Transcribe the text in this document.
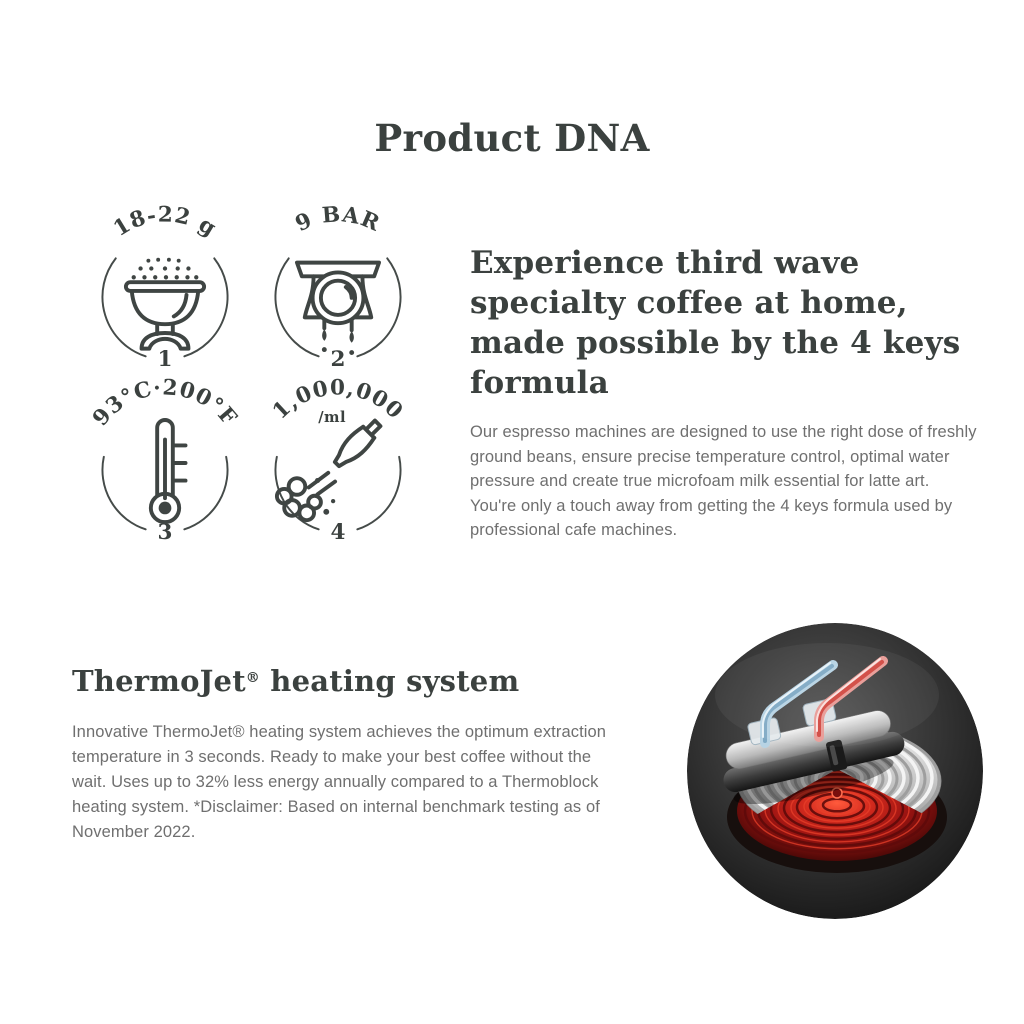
Product DNA
18-22 g
1
9 BAR
2
93°C·200°F
3
1,000,000
/ml
4
Experience third wave specialty coffee at home, made possible by the 4 keys formula

Our espresso machines are designed to use the right dose of freshly ground beans, ensure precise temperature control, optimal water pressure and create true microfoam milk essential for latte art. You're only a touch away from getting the 4 keys formula used by professional cafe machines.

ThermoJet® heating system

Innovative ThermoJet® heating system achieves the optimum extraction temperature in 3 seconds. Ready to make your best coffee without the wait. Uses up to 32% less energy annually compared to a Thermoblock heating system. *Disclaimer: Based on internal benchmark testing as of November 2022.
